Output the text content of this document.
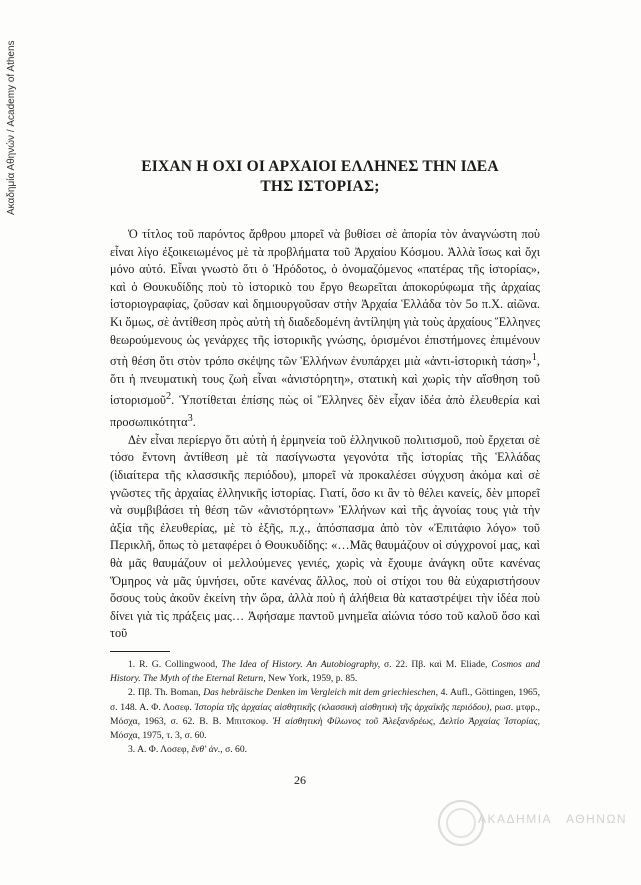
Ακαδημία Αθηνών / Academy of Athens	ΕΙΧΑΝ Η ΟΧΙ ΟΙ ΑΡΧΑΙΟΙ ΕΛΛΗΝΕΣ ΤΗΝ ΙΔΕΑ
ΤΗΣ ΙΣΤΟΡΙΑΣ;

Ὁ τίτλος τοῦ παρόντος ἄρθρου μπορεῖ νὰ βυθίσει σὲ ἀπορία τὸν ἀναγνώστη ποὺ εἶναι λίγο ἐξοικειωμένος μὲ τὰ προβλήματα τοῦ Ἀρχαίου Κόσμου. Ἀλλὰ ἴσως καὶ ὄχι μόνο αὐτό. Εἶναι γνωστὸ ὅτι ὁ Ἡρόδοτος, ὁ ὀνομαζόμενος «πατέρας τῆς ἱστορίας», καὶ ὁ Θουκυδίδης ποὺ τὸ ἱστορικὸ του ἔργο θεωρεῖται ἀποκορύφωμα τῆς ἀρχαίας ἱστοριογραφίας, ζοῦσαν καὶ δημιουργοῦσαν στὴν Ἀρχαία Ἑλλάδα τὸν 5ο π.Χ. αἰῶνα. Κι ὅμως, σὲ ἀντίθεση πρὸς αὐτὴ τὴ διαδεδομένη ἀντίληψη γιὰ τοὺς ἀρχαίους Ἕλληνες θεωρούμενους ὡς γενάρχες τῆς ἱστορικῆς γνώσης, ὁρισμένοι ἐπιστήμονες ἐπιμένουν στὴ θέση ὅτι στὸν τρόπο σκέψης τῶν Ἑλλήνων ἐνυπάρχει μιὰ «ἀντι-ἱστορικὴ τάση»$^1$, ὅτι ἡ πνευματικὴ τους ζωὴ εἶναι «ἀνιστόρητη», στατικὴ καὶ χωρὶς τὴν αἴσθηση τοῦ ἱστορισμοῦ$^2$. Ὑποτίθεται ἐπίσης πὼς οἱ Ἕλληνες δὲν εἶχαν ἰδέα ἀπὸ ἐλευθερία καὶ προσωπικότητα$^3$.

Δὲν εἶναι περίεργο ὅτι αὐτὴ ἡ ἑρμηνεία τοῦ ἑλληνικοῦ πολιτισμοῦ, ποὺ ἔρχεται σὲ τόσο ἔντονη ἀντίθεση μὲ τὰ πασίγνωστα γεγονότα τῆς ἱστορίας τῆς Ἑλλάδας (ἰδιαίτερα τῆς κλασσικῆς περιόδου), μπορεῖ νὰ προκαλέσει σύγχυση ἀκόμα καὶ σὲ γνῶστες τῆς ἀρχαίας ἑλληνικῆς ἱστορίας. Γιατί, ὅσο κι ἂν τὸ θέλει κανείς, δὲν μπορεῖ νὰ συμβιβάσει τὴ θέση τῶν «ἀνιστόρητων» Ἑλλήνων καὶ τῆς ἀγνοίας τους γιὰ τὴν ἀξία τῆς ἐλευθερίας, μὲ τὸ ἑξῆς, π.χ., ἀπόσπασμα ἀπὸ τὸν «Ἐπιτάφιο λόγο» τοῦ Περικλῆ, ὅπως τὸ μεταφέρει ὁ Θουκυδίδης: «…Μᾶς θαυμάζουν οἱ σύγχρονοί μας, καὶ θὰ μᾶς θαυμάζουν οἱ μελλούμενες γενιές, χωρὶς νὰ ἔχουμε ἀνάγκη οὔτε κανένας Ὅμηρος νὰ μᾶς ὑμνήσει, οὔτε κανένας ἄλλος, ποὺ οἱ στίχοι του θὰ εὐχαριστήσουν ὅσους τοὺς ἀκοῦν ἐκείνη τὴν ὥρα, ἀλλὰ ποὺ ἡ ἀλήθεια θὰ καταστρέψει τὴν ἰδέα ποὺ δίνει γιὰ τὶς πράξεις μας… Ἀφήσαμε παντοῦ μνημεῖα αἰώνια τόσο τοῦ καλοῦ ὅσο καὶ τοῦ

1. R. G. Collingwood, The Idea of History. An Autobiography, σ. 22. Πβ. καὶ M. Eliade, Cosmos and History. The Myth of the Eternal Return, New York, 1959, p. 85.
2. Πβ. Th. Boman, Das hebräische Denken im Vergleich mit dem griechieschen, 4. Aufl., Göttingen, 1965, σ. 148. Α. Φ. Λοσεφ. Ἱστορία τῆς ἀρχαίας αἰσθητικῆς (κλασσικὴ αἰσθητικὴ τῆς ἀρχαϊκῆς περιόδου), ρωσ. μτφρ., Μόσχα, 1963, σ. 62. Β. Β. Μπιτσκοφ. Ἡ αἰσθητικὴ Φίλωνος τοῦ Ἀλεξανδρέως, Δελτίο Ἀρχαίας Ἱστορίας, Μόσχα, 1975, τ. 3, σ. 60.
3. Α. Φ. Λοσεφ, ἔνθ' ἀν., σ. 60.
26
ΑΚΑΔΗΜΙΑ ΑΘΗΝΩΝ
